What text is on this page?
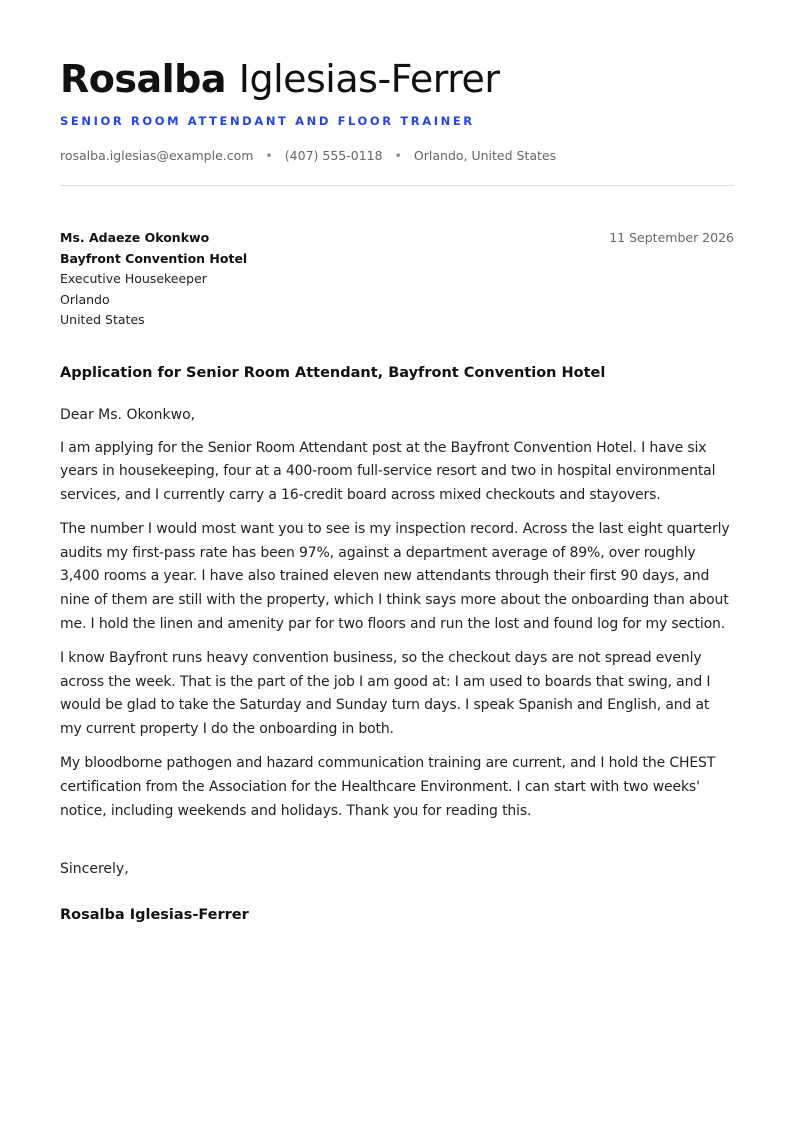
Rosalba Iglesias-Ferrer
SENIOR ROOM ATTENDANT AND FLOOR TRAINER
rosalba.iglesias@example.com • (407) 555-0118 • Orlando, United States
Ms. Adaeze Okonkwo
Bayfront Convention Hotel
Executive Housekeeper
Orlando
United States
11 September 2026
Application for Senior Room Attendant, Bayfront Convention Hotel
Dear Ms. Okonkwo,

I am applying for the Senior Room Attendant post at the Bayfront Convention Hotel. I have six years in housekeeping, four at a 400-room full-service resort and two in hospital environmental services, and I currently carry a 16-credit board across mixed checkouts and stayovers.

The number I would most want you to see is my inspection record. Across the last eight quarterly audits my first-pass rate has been 97%, against a department average of 89%, over roughly 3,400 rooms a year. I have also trained eleven new attendants through their first 90 days, and nine of them are still with the property, which I think says more about the onboarding than about me. I hold the linen and amenity par for two floors and run the lost and found log for my section.

I know Bayfront runs heavy convention business, so the checkout days are not spread evenly across the week. That is the part of the job I am good at: I am used to boards that swing, and I would be glad to take the Saturday and Sunday turn days. I speak Spanish and English, and at my current property I do the onboarding in both.

My bloodborne pathogen and hazard communication training are current, and I hold the CHEST certification from the Association for the Healthcare Environment. I can start with two weeks' notice, including weekends and holidays. Thank you for reading this.

Sincerely,
Rosalba Iglesias-Ferrer
